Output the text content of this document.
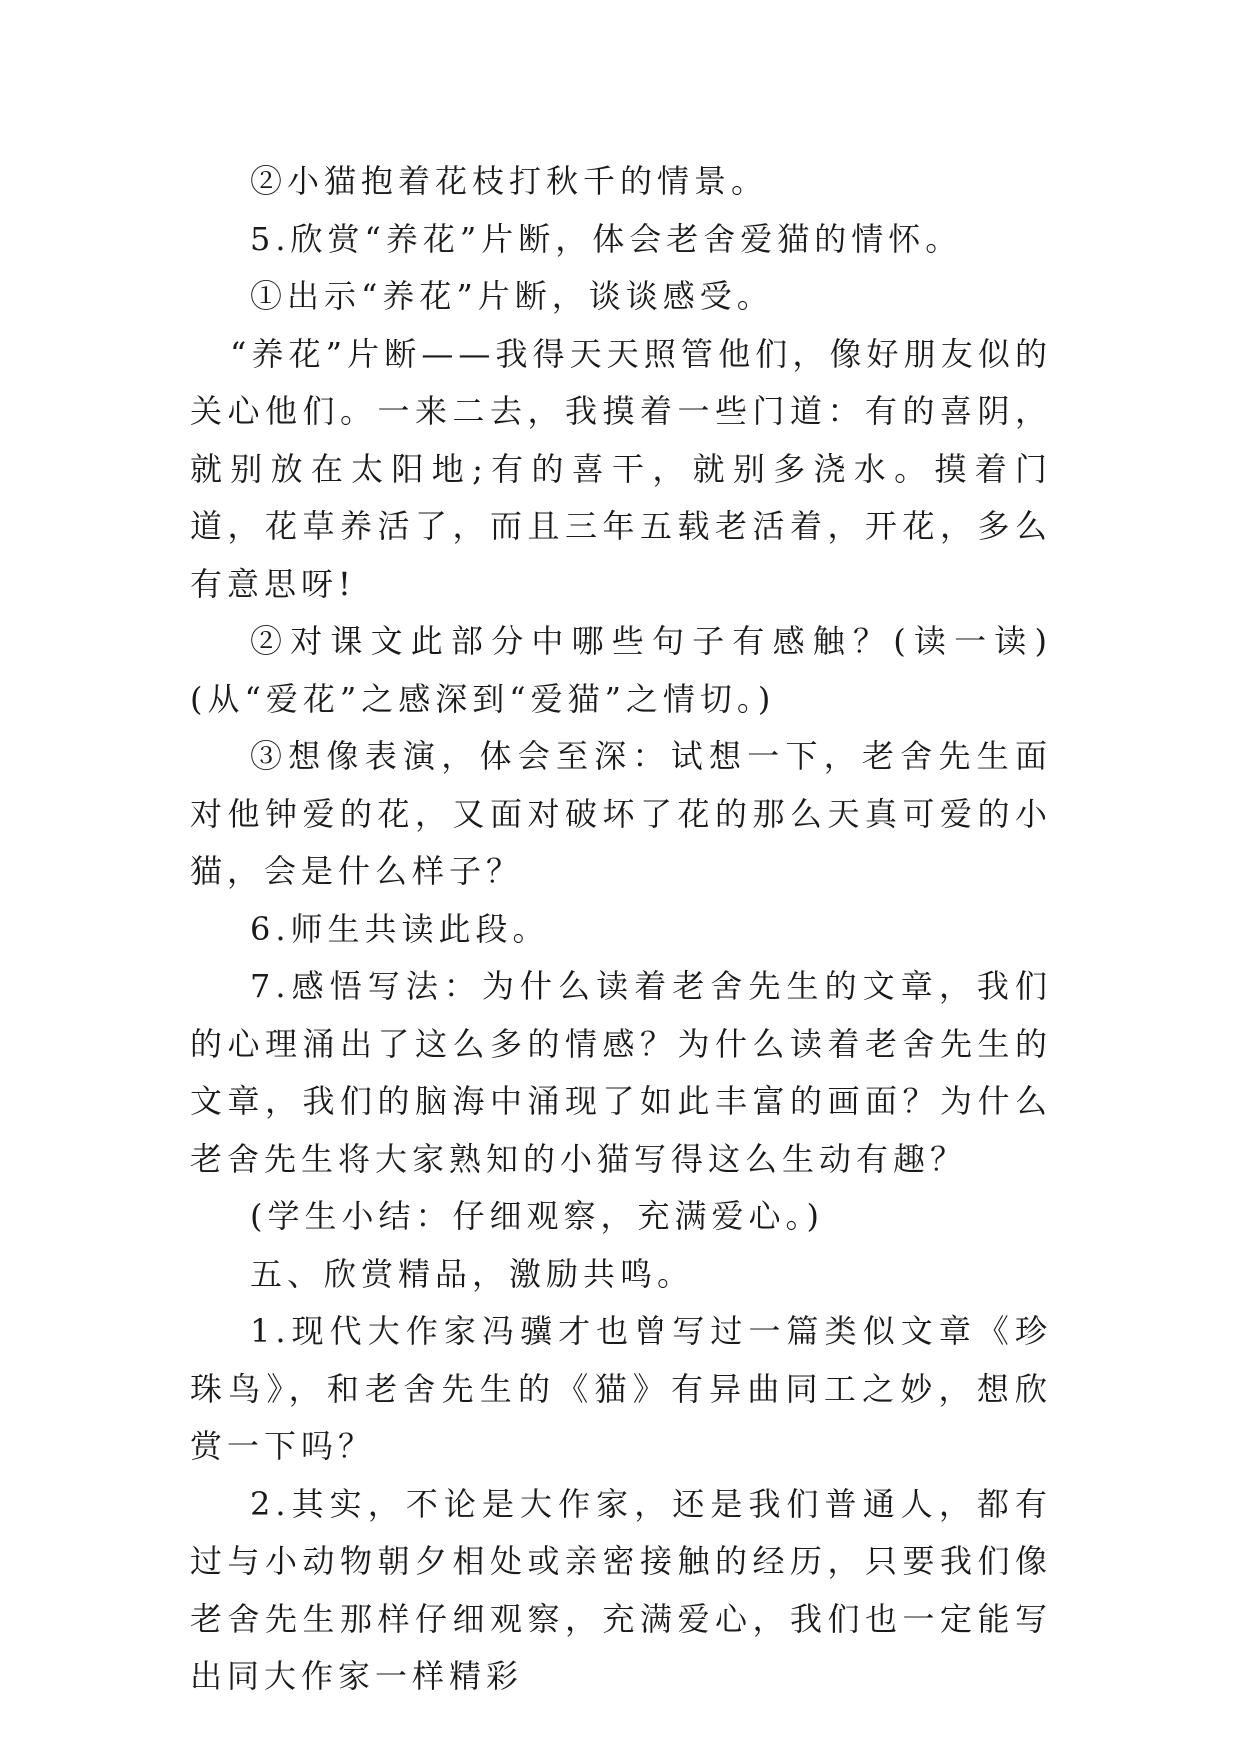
②小猫抱着花枝打秋千的情景。

5.欣赏“养花”片断，体会老舍爱猫的情怀。

①出示“养花”片断，谈谈感受。

“养花”片断——我得天天照管他们，像好朋友似的关心他们。一来二去，我摸着一些门道：有的喜阴，就别放在太阳地;有的喜干，就别多浇水。摸着门道，花草养活了，而且三年五载老活着，开花，多么有意思呀!

②对课文此部分中哪些句子有感触？(读一读)(从“爱花”之感深到“爱猫”之情切。)

③想像表演，体会至深：试想一下，老舍先生面对他钟爱的花，又面对破坏了花的那么天真可爱的小猫，会是什么样子？

6.师生共读此段。

7.感悟写法：为什么读着老舍先生的文章，我们的心理涌出了这么多的情感？为什么读着老舍先生的文章，我们的脑海中涌现了如此丰富的画面？为什么老舍先生将大家熟知的小猫写得这么生动有趣？

(学生小结：仔细观察，充满爱心。)

五、欣赏精品，激励共鸣。

1.现代大作家冯骥才也曾写过一篇类似文章《珍珠鸟》，和老舍先生的《猫》有异曲同工之妙，想欣赏一下吗？

2.其实，不论是大作家，还是我们普通人，都有过与小动物朝夕相处或亲密接触的经历，只要我们像老舍先生那样仔细观察，充满爱心，我们也一定能写出同大作家一样精彩
